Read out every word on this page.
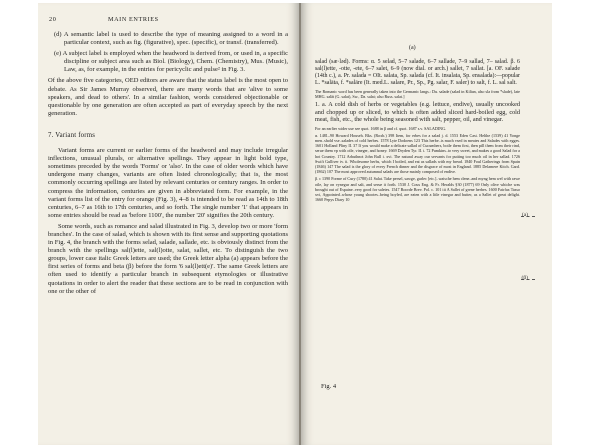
20	MAIN ENTRIES

(d) A semantic label is used to describe the type of meaning assigned to a word in a particular context, such as fig. (figurative), spec. (specific), or transf. (transferred).

(e) A subject label is employed when the headword is derived from, or used in, a specific discipline or subject area such as Biol. (Biology), Chem. (Chemistry), Mus. (Music), Law, as, for example, in the entries for pericyclic and pulse² in Fig. 3.

Of the above five categories, OED editors are aware that the status label is the most open to debate. As Sir James Murray observed, there are many words that are 'alive to some speakers, and dead to others'. In a similar fashion, words considered objectionable or questionable by one generation are often accepted as part of everyday speech by the next generation.

7. Variant forms

Variant forms are current or earlier forms of the headword and may include irregular inflections, unusual plurals, or alternative spellings. They appear in light bold type, sometimes preceded by the words 'Forms' or 'also'. In the case of older words which have undergone many changes, variants are often listed chronologically; that is, the most commonly occurring spellings are listed by relevant centuries or century ranges. In order to compress the information, centuries are given in abbreviated form. For example, in the variant forms list of the entry for orange (Fig. 3), 4–8 is intended to be read as 14th to 18th centuries, 6–7 as 16th to 17th centuries, and so forth. The single number '1' that appears in some entries should be read as 'before 1100', the number '20' signifies the 20th century.

Some words, such as romance and salad illustrated in Fig. 3, develop two or more 'form branches'. In the case of salad, which is shown with its first sense and supporting quotations in Fig. 4, the branch with the forms selad, salade, sallade, etc. is obviously distinct from the branch with the spellings sal(l)ette, sal(l)otte, salat, sallet, etc. To distinguish the two groups, lower case italic Greek letters are used; the Greek letter alpha (a) appears before the first series of forms and beta (β) before the form '6 sal(l)ett(e)'. The same Greek letters are often used to identify a particular branch in subsequent etymologies or illustrative quotations in order to alert the reader that these sections are to be read in conjunction with one or the other of

(a)

salad (sæ·ləd). Forms: α. 5 selad, 5–7 salade, 6–7 sallade, 7–9 sallad, 7– salad. β. 6 sal(l)ette, -otte, -ete, 6–7 salet, 6–9 (now dial. or arch.) sallet, 7 sallat. [a. OF. salade (14th c.), a. Pr. salada = OIt. salata, Sp. salada (cf. It. insalata, Sp. ensalada):—popular L. *salāta, f. *salāre (It. med.L. salare, Pr., Sp., Pg. salar, F. saler) to salt, f. L. sal salt.

The Romanic word has been generally taken into the Germanic langs.: Du. salade (salad in Kilian, also sla from *slade), late MHG. salât (G. salat), Sw., Da. salat; also Russ. salat.]

1. a. A cold dish of herbs or vegetables (e.g. lettuce, endive), usually uncooked and chopped up or sliced, to which is often added sliced hard-boiled egg, cold meat, fish, etc., the whole being seasoned with salt, pepper, oil, and vinegar.

For an earlier wider use see quot. 1688 in β and cf. quot. 1687 s.v. SALADING.

α. 1481–90 Howard Househ. Bks. (Roxb.) 398 Item, for erbes for a salad j. d. 1553 Eden Cast. Helthe (1539) 41 Yonge men..shold vse..salades of cold herbes. 1578 Lyte Dodoens 123 This herbe..is much vsed in meates and Salades with egges. 1601 Holland Pliny II. 37 If you would make a delicate sallad of Cucumbers, boile them first, then pill them from their rind, serue them vp with oile, vineger, and honey. 1669 Dryden Tyr. II. i. 72 Pumkins..to very sweet, and makes a good Salad for a hot Country. 1712 Arbuthnot John Bull i. xvi. The natural away our servants for putting too much oil in her sallad. 1726 Swift Gulliver iv. ii. Wholesome herbs, which I boiled, and eat as sallads with my bread. 1840 Foul Gatherings from Spain (1846) 147 The salad is the glory of every French dinner and the disgrace of most in England. 1885 Delamere Kitch. Gard. (1862) 107 The most approved autumnal salads are those mainly composed of endive.

β. c 1390 Forme of Cury (1780) 41 Salat. Take persel, sawge, garlec [etc.]..waische hem clene..and myng hem wel with rawe oile, lay on vynegur and salt, and serue it forth. 1530 J. Cous Eng. & Fr. Heralds §30 (1877) 69 Only olive whiche was brought out of Espaine..very good for saletes. 1547 Boorde Brev. Pol. c. 101 iii A Sallet of grene herbes. 1600 Fairfax Tasso xvi, Appointed..whose young shootes..being boyled, are eaten with a litle vinegar and butter, as a Sallet of great delight. 1660 Pepys Diary 10

(a)
(β)
Fig. 4
